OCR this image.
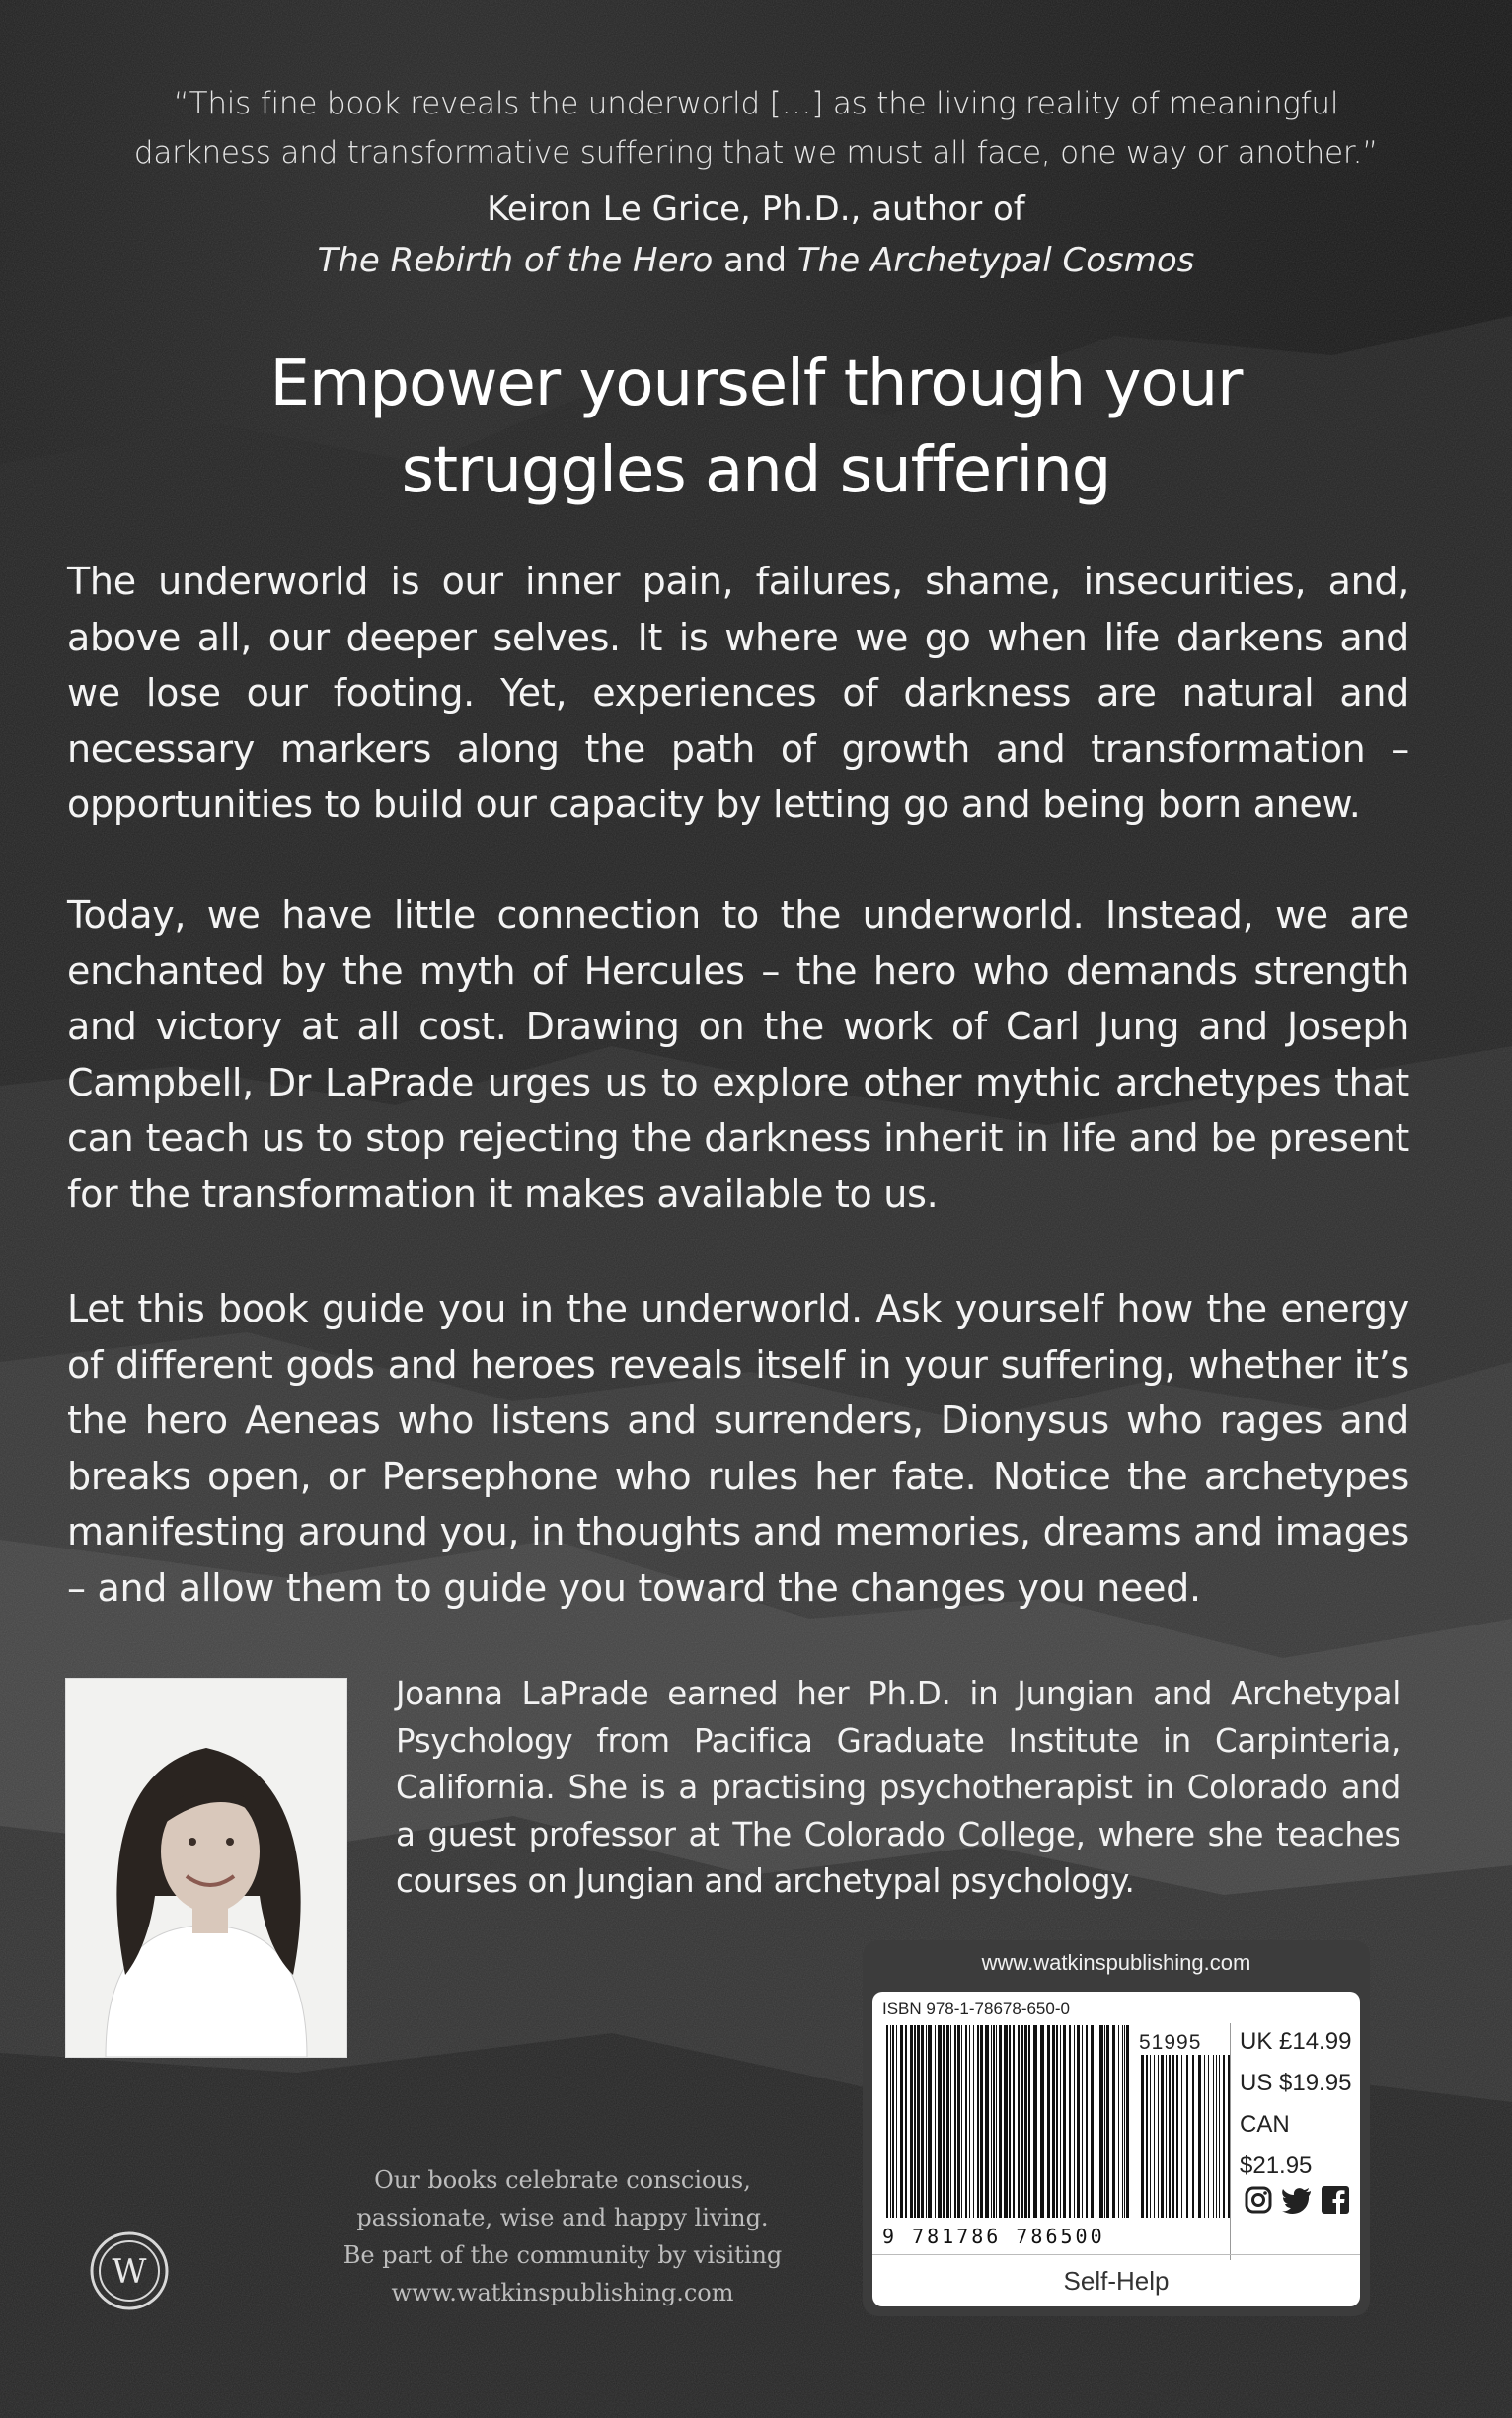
“This fine book reveals the underworld […] as the living reality of meaningful
darkness and transformative suffering that we must all face, one way or another.”
Keiron Le Grice, Ph.D., author of
The Rebirth of the Hero and The Archetypal Cosmos
Empower yourself through your
struggles and suffering
The underworld is our inner pain, failures, shame, insecurities, and, above all, our deeper selves. It is where we go when life darkens and we lose our footing. Yet, experiences of darkness are natural and necessary markers along the path of growth and transformation – opportunities to build our capacity by letting go and being born anew.
Today, we have little connection to the underworld. Instead, we are enchanted by the myth of Hercules – the hero who demands strength and victory at all cost. Drawing on the work of Carl Jung and Joseph Campbell, Dr LaPrade urges us to explore other mythic archetypes that can teach us to stop rejecting the darkness inherit in life and be present for the transformation it makes available to us.
Let this book guide you in the underworld. Ask yourself how the energy of different gods and heroes reveals itself in your suffering, whether it’s the hero Aeneas who listens and surrenders, Dionysus who rages and breaks open, or Persephone who rules her fate. Notice the archetypes manifesting around you, in thoughts and memories, dreams and images – and allow them to guide you toward the changes you need.
Joanna LaPrade earned her Ph.D. in Jungian and Archetypal Psychology from Pacifica Graduate Institute in Carpinteria, California. She is a practising psychotherapist in Colorado and a guest professor at The Colorado College, where she teaches courses on Jungian and archetypal psychology.
Our books celebrate conscious,
passionate, wise and happy living.
Be part of the community by visiting
www.watkinspublishing.com
W
www.watkinspublishing.com
ISBN 978-1-78678-650-0
51995
9 781786 786500
UK £14.99
US $19.95
CAN $21.95
Self-Help
